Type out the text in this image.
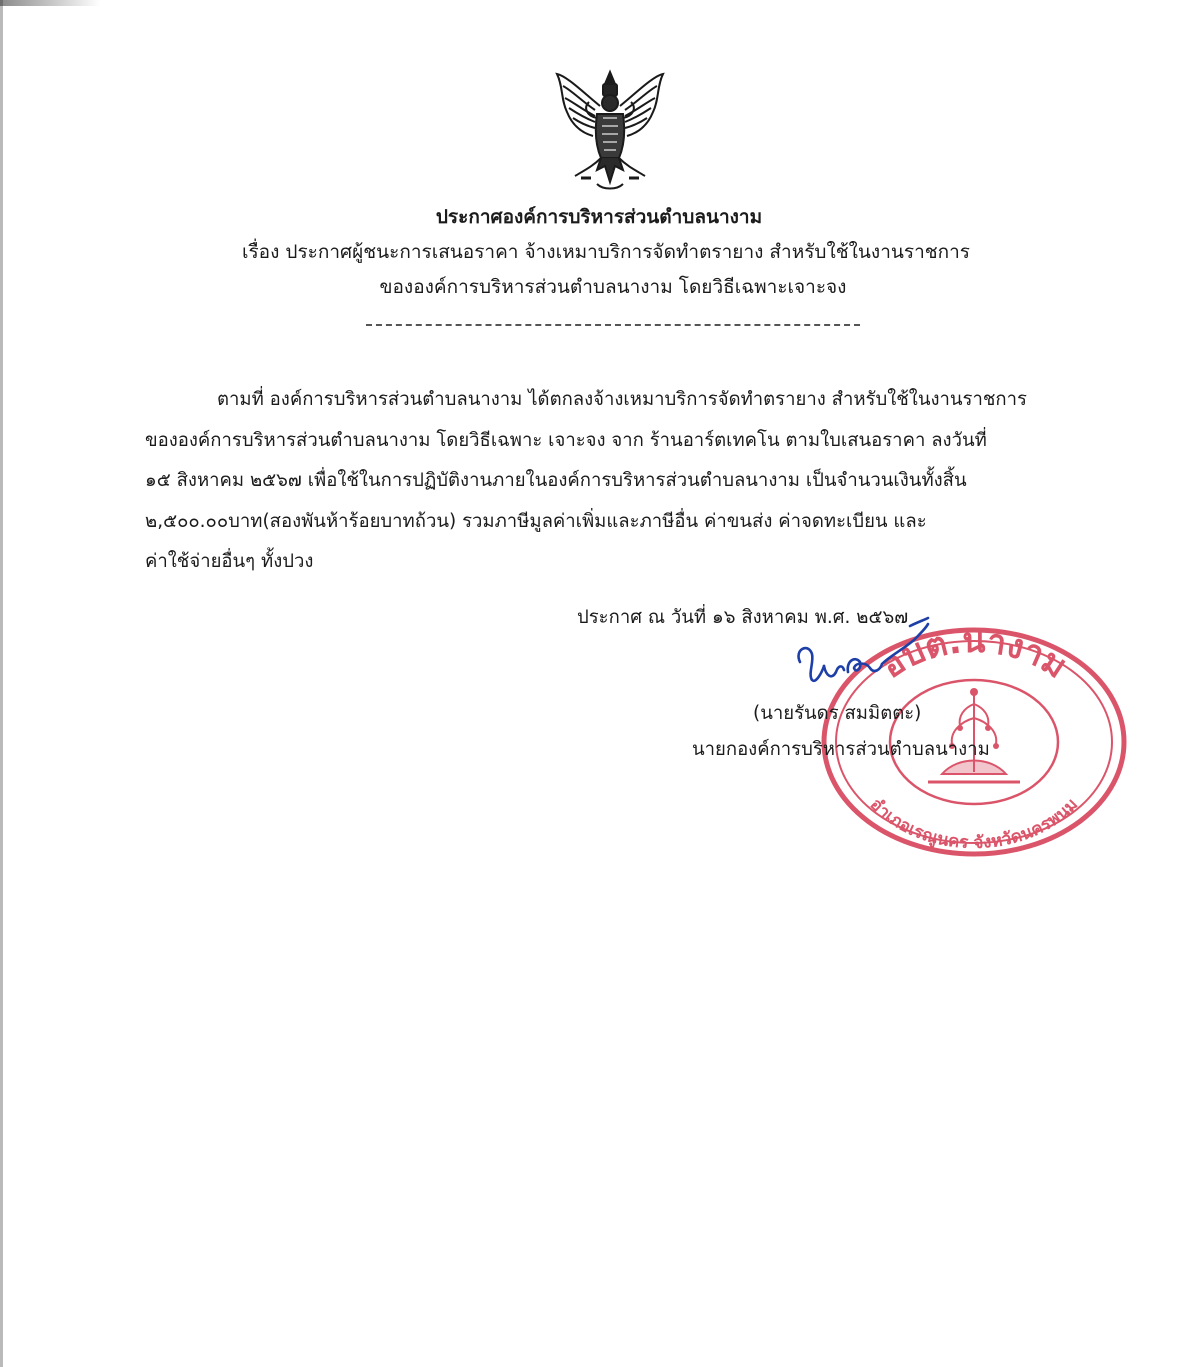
ประกาศองค์การบริหารส่วนตำบลนางาม
เรื่อง ประกาศผู้ชนะการเสนอราคา จ้างเหมาบริการจัดทำตรายาง สำหรับใช้ในงานราชการ
ขององค์การบริหารส่วนตำบลนางาม โดยวิธีเฉพาะเจาะจง

ตามที่ องค์การบริหารส่วนตำบลนางาม ได้ตกลงจ้างเหมาบริการจัดทำตรายาง สำหรับใช้ในงานราชการ

ขององค์การบริหารส่วนตำบลนางาม โดยวิธีเฉพาะ เจาะจง จาก ร้านอาร์ตเทคโน ตามใบเสนอราคา ลงวันที่

๑๕ สิงหาคม ๒๕๖๗ เพื่อใช้ในการปฏิบัติงานภายในองค์การบริหารส่วนตำบลนางาม เป็นจำนวนเงินทั้งสิ้น

๒,๕๐๐.๐๐บาท(สองพันห้าร้อยบาทถ้วน) รวมภาษีมูลค่าเพิ่มและภาษีอื่น ค่าขนส่ง ค่าจดทะเบียน และ

ค่าใช้จ่ายอื่นๆ ทั้งปวง

ประกาศ ณ วันที่ ๑๖ สิงหาคม พ.ศ. ๒๕๖๗
อบต.นางาม
อำเภอเรณูนคร จังหวัดนครพนม
(นายรันดร สมมิตตะ)
นายกองค์การบริหารส่วนตำบลนางาม
